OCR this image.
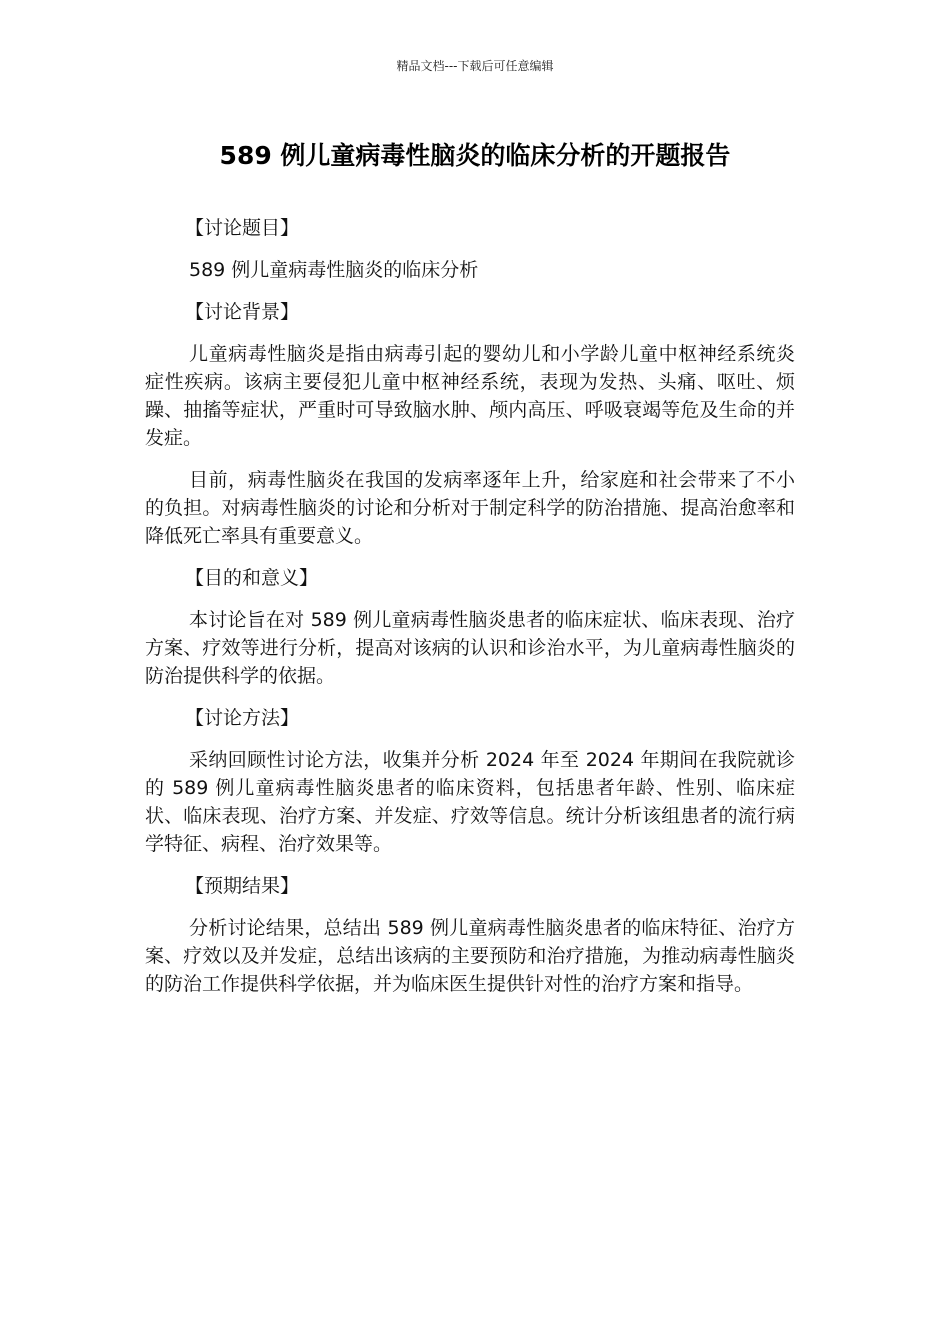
精品文档---下载后可任意编辑
589 例儿童病毒性脑炎的临床分析的开题报告
【讨论题目】
589 例儿童病毒性脑炎的临床分析
【讨论背景】

儿童病毒性脑炎是指由病毒引起的婴幼儿和小学龄儿童中枢神经系统炎症性疾病。该病主要侵犯儿童中枢神经系统，表现为发热、头痛、呕吐、烦躁、抽搐等症状，严重时可导致脑水肿、颅内高压、呼吸衰竭等危及生命的并发症。

目前，病毒性脑炎在我国的发病率逐年上升，给家庭和社会带来了不小的负担。对病毒性脑炎的讨论和分析对于制定科学的防治措施、提高治愈率和降低死亡率具有重要意义。

【目的和意义】

本讨论旨在对 589 例儿童病毒性脑炎患者的临床症状、临床表现、治疗方案、疗效等进行分析，提高对该病的认识和诊治水平，为儿童病毒性脑炎的防治提供科学的依据。

【讨论方法】

采纳回顾性讨论方法，收集并分析 2024 年至 2024 年期间在我院就诊的 589 例儿童病毒性脑炎患者的临床资料，包括患者年龄、性别、临床症状、临床表现、治疗方案、并发症、疗效等信息。统计分析该组患者的流行病学特征、病程、治疗效果等。

【预期结果】

分析讨论结果，总结出 589 例儿童病毒性脑炎患者的临床特征、治疗方案、疗效以及并发症，总结出该病的主要预防和治疗措施，为推动病毒性脑炎的防治工作提供科学依据，并为临床医生提供针对性的治疗方案和指导。
